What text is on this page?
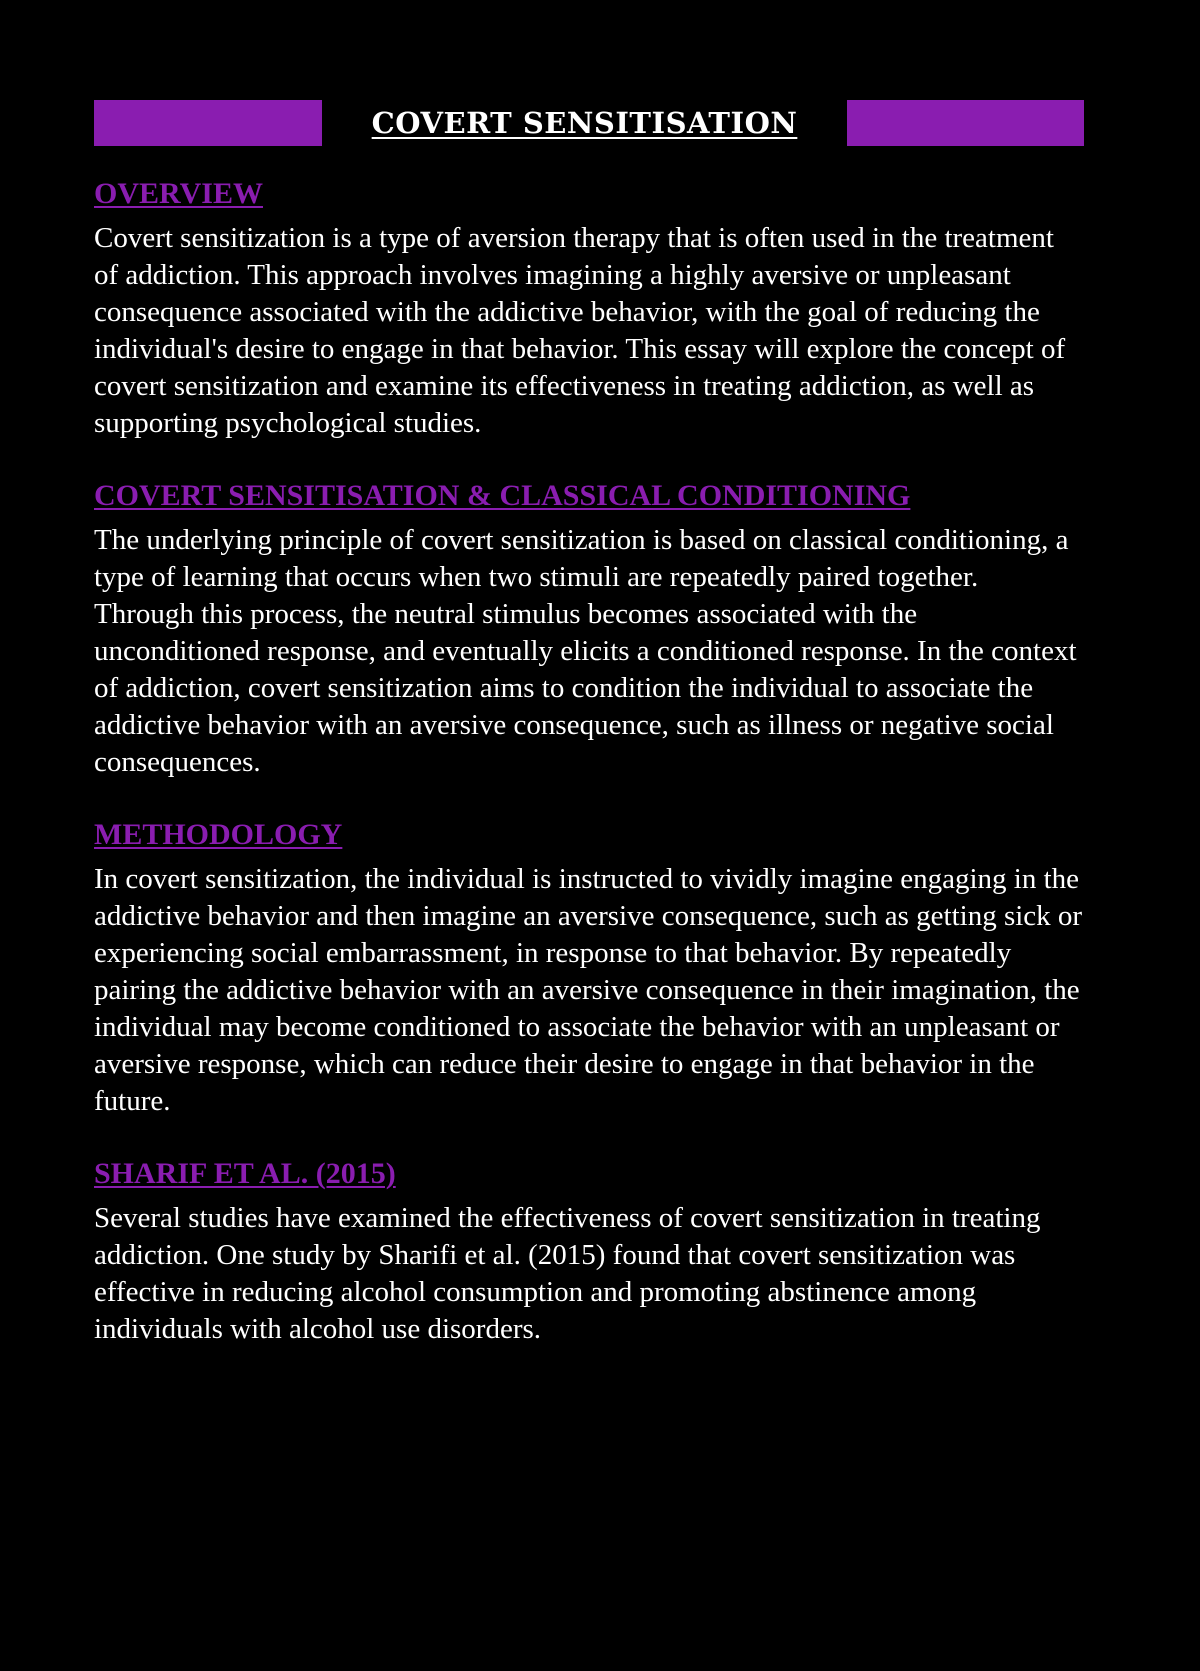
COVERT SENSITISATION
OVERVIEW

Covert sensitization is a type of aversion therapy that is often used in the treatment of addiction. This approach involves imagining a highly aversive or unpleasant consequence associated with the addictive behavior, with the goal of reducing the individual's desire to engage in that behavior. This essay will explore the concept of covert sensitization and examine its effectiveness in treating addiction, as well as supporting psychological studies.

COVERT SENSITISATION & CLASSICAL CONDITIONING

The underlying principle of covert sensitization is based on classical conditioning, a type of learning that occurs when two stimuli are repeatedly paired together. Through this process, the neutral stimulus becomes associated with the unconditioned response, and eventually elicits a conditioned response. In the context of addiction, covert sensitization aims to condition the individual to associate the addictive behavior with an aversive consequence, such as illness or negative social consequences.

METHODOLOGY

In covert sensitization, the individual is instructed to vividly imagine engaging in the addictive behavior and then imagine an aversive consequence, such as getting sick or experiencing social embarrassment, in response to that behavior. By repeatedly pairing the addictive behavior with an aversive consequence in their imagination, the individual may become conditioned to associate the behavior with an unpleasant or aversive response, which can reduce their desire to engage in that behavior in the future.

SHARIF ET AL. (2015)

Several studies have examined the effectiveness of covert sensitization in treating addiction. One study by Sharifi et al. (2015) found that covert sensitization was effective in reducing alcohol consumption and promoting abstinence among individuals with alcohol use disorders.
